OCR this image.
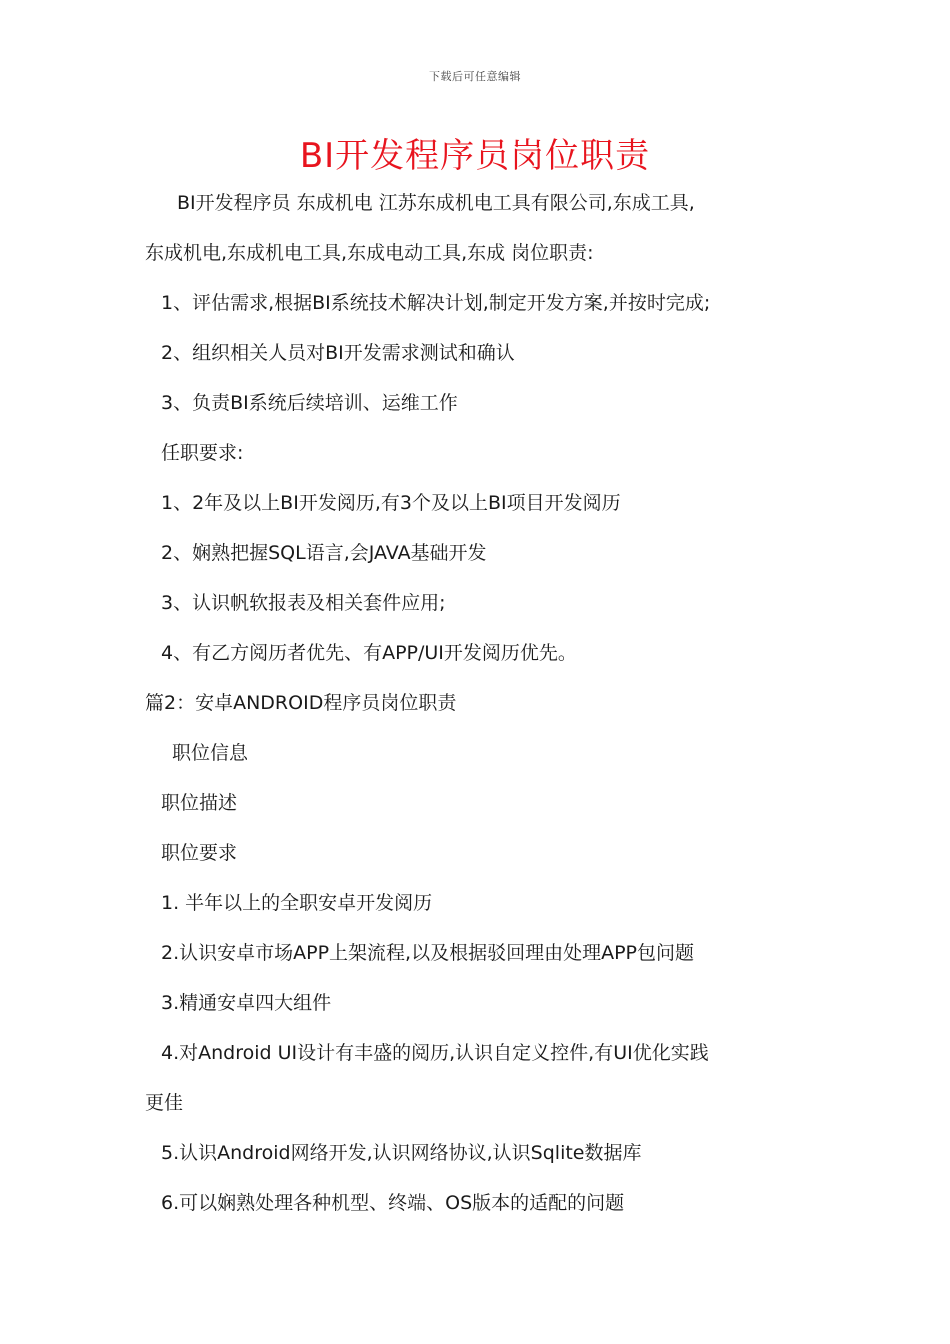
下载后可任意编辑
BI开发程序员岗位职责

BI开发程序员 东成机电 江苏东成机电工具有限公司,东成工具,

东成机电,东成机电工具,东成电动工具,东成 岗位职责:

1、评估需求,根据BI系统技术解决计划,制定开发方案,并按时完成;

2、组织相关人员对BI开发需求测试和确认

3、负责BI系统后续培训、运维工作

任职要求:

1、2年及以上BI开发阅历,有3个及以上BI项目开发阅历

2、娴熟把握SQL语言,会JAVA基础开发

3、认识帆软报表及相关套件应用;

4、有乙方阅历者优先、有APP/UI开发阅历优先。

篇2：安卓ANDROID程序员岗位职责

职位信息

职位描述

职位要求

1. 半年以上的全职安卓开发阅历

2.认识安卓市场APP上架流程,以及根据驳回理由处理APP包问题

3.精通安卓四大组件

4.对Android UI设计有丰盛的阅历,认识自定义控件,有UI优化实践

更佳

5.认识Android网络开发,认识网络协议,认识Sqlite数据库

6.可以娴熟处理各种机型、终端、OS版本的适配的问题
